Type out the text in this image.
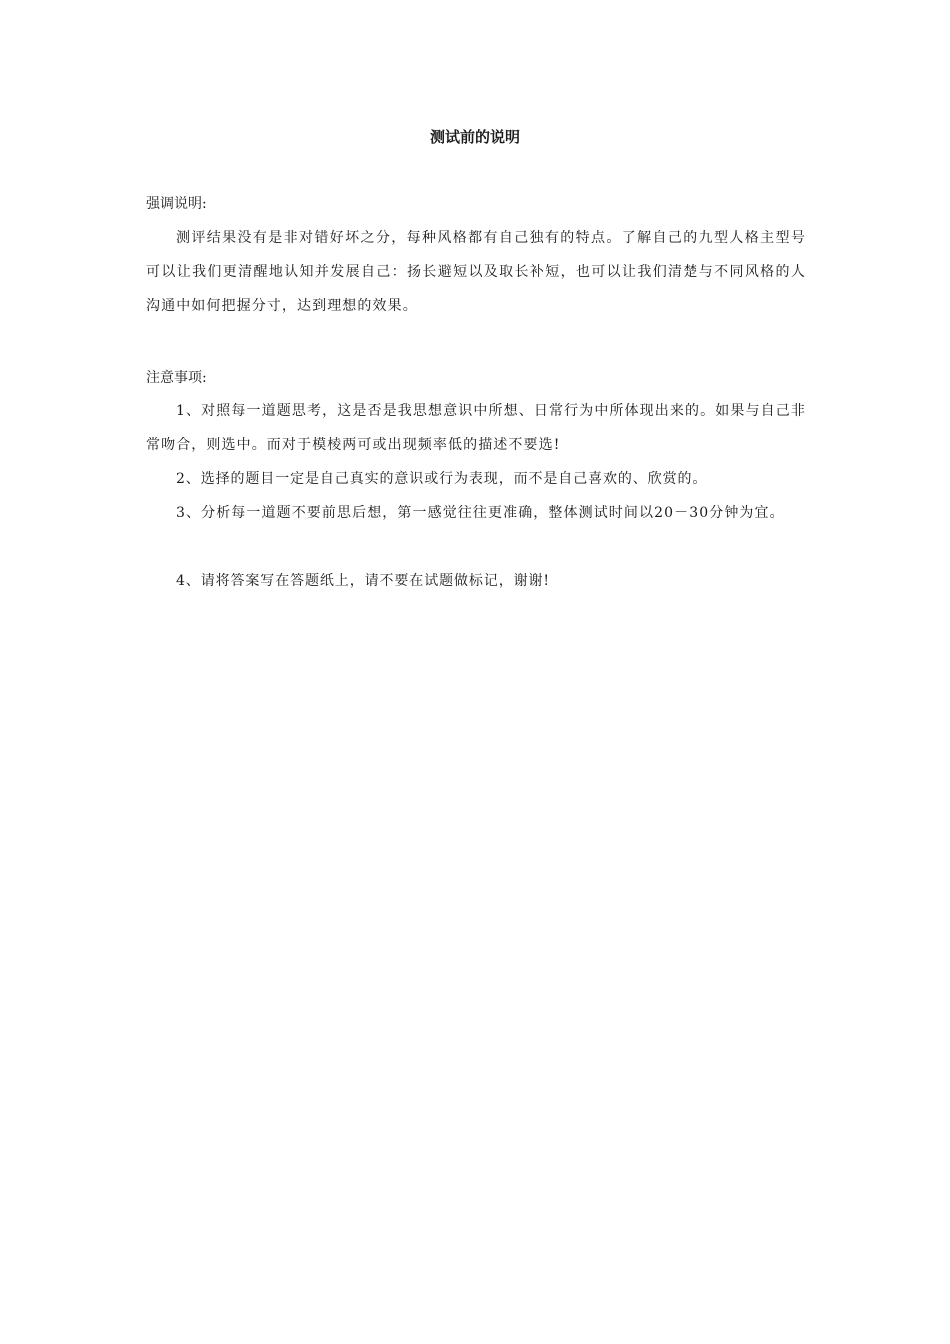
测试前的说明

强调说明:

测评结果没有是非对错好坏之分，每种风格都有自己独有的特点。了解自己的九型人格主型号可以让我们更清醒地认知并发展自己：扬长避短以及取长补短，也可以让我们清楚与不同风格的人沟通中如何把握分寸，达到理想的效果。

注意事项:

1、对照每一道题思考，这是否是我思想意识中所想、日常行为中所体现出来的。如果与自己非常吻合，则选中。而对于模棱两可或出现频率低的描述不要选!

2、选择的题目一定是自己真实的意识或行为表现，而不是自己喜欢的、欣赏的。

3、分析每一道题不要前思后想，第一感觉往往更准确，整体测试时间以20－30分钟为宜。

4、请将答案写在答题纸上，请不要在试题做标记，谢谢!
